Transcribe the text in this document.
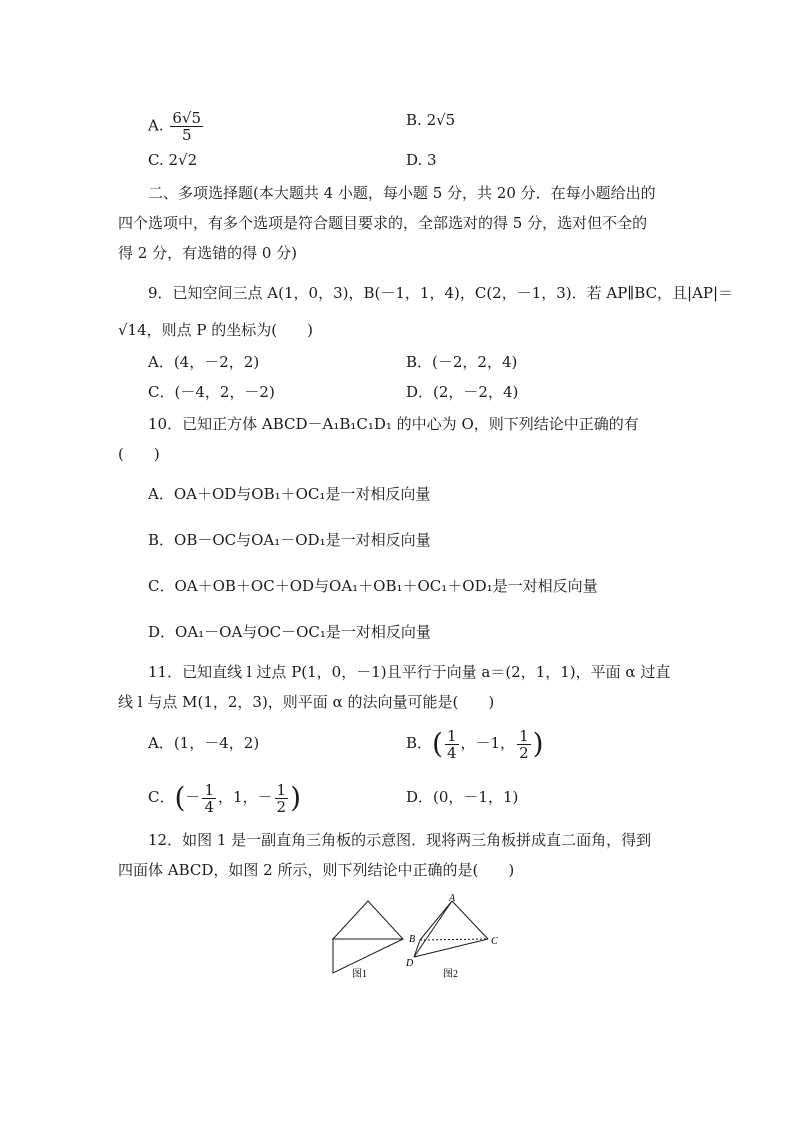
A. $\frac{6√5}{5}$	B. 2√5
C. 2√2	D. 3
二、多项选择题(本大题共 4 小题，每小题 5 分，共 20 分．在每小题给出的
四个选项中，有多个选项是符合题目要求的，全部选对的得 5 分，选对但不全的
得 2 分，有选错的得 0 分)
9．已知空间三点 A(1，0，3)，B(－1，1，4)，C(2，－1，3)．若 AP∥BC，且|AP|＝
√14，则点 P 的坐标为(　　)
A．(4，－2，2)	B．(－2，2，4)
C．(－4，2，－2)	D．(2，－2，4)
10．已知正方体 ABCD－A₁B₁C₁D₁ 的中心为 O，则下列结论中正确的有
(　　)
A．OA＋OD与OB₁＋OC₁是一对相反向量
B．OB－OC与OA₁－OD₁是一对相反向量
C．OA＋OB＋OC＋OD与OA₁＋OB₁＋OC₁＋OD₁是一对相反向量
D．OA₁－OA与OC－OC₁是一对相反向量
11．已知直线 l 过点 P(1，0，－1)且平行于向量 a＝(2，1，1)，平面 α 过直
线 l 与点 M(1，2，3)，则平面 α 的法向量可能是(　　)
A．(1，－4，2)	B．( $\frac{1}{4}$ ，－1， $\frac{1}{2}$ )
C．(－ $\frac{1}{4}$ ，1，－ $\frac{1}{2}$ )	D．(0，－1，1)
12．如图 1 是一副直角三角板的示意图．现将两三角板拼成直二面角，得到
四面体 ABCD，如图 2 所示，则下列结论中正确的是(　　)
图1
A
B	C
D
图2
